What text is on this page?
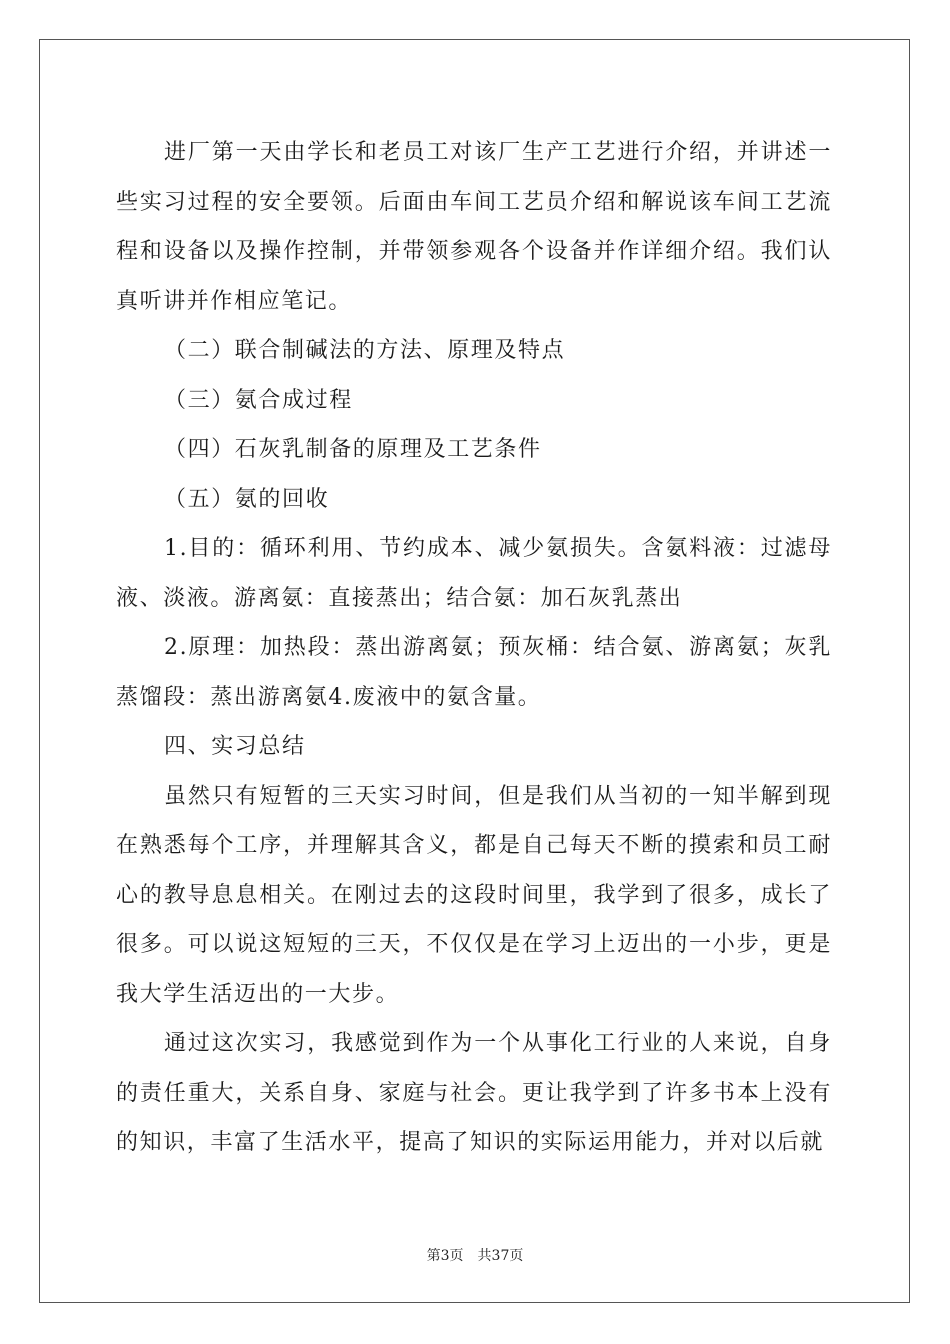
进厂第一天由学长和老员工对该厂生产工艺进行介绍，并讲述一些实习过程的安全要领。后面由车间工艺员介绍和解说该车间工艺流程和设备以及操作控制，并带领参观各个设备并作详细介绍。我们认真听讲并作相应笔记。

（二）联合制碱法的方法、原理及特点

（三）氨合成过程

（四）石灰乳制备的原理及工艺条件

（五）氨的回收

1.目的：循环利用、节约成本、减少氨损失。含氨料液：过滤母液、淡液。游离氨：直接蒸出；结合氨：加石灰乳蒸出

2.原理：加热段：蒸出游离氨；预灰桶：结合氨、游离氨；灰乳蒸馏段：蒸出游离氨4.废液中的氨含量。

四、实习总结

虽然只有短暂的三天实习时间，但是我们从当初的一知半解到现在熟悉每个工序，并理解其含义，都是自己每天不断的摸索和员工耐心的教导息息相关。在刚过去的这段时间里，我学到了很多，成长了很多。可以说这短短的三天，不仅仅是在学习上迈出的一小步，更是我大学生活迈出的一大步。

通过这次实习，我感觉到作为一个从事化工行业的人来说，自身的责任重大，关系自身、家庭与社会。更让我学到了许多书本上没有的知识，丰富了生活水平，提高了知识的实际运用能力，并对以后就

第3页 共37页
